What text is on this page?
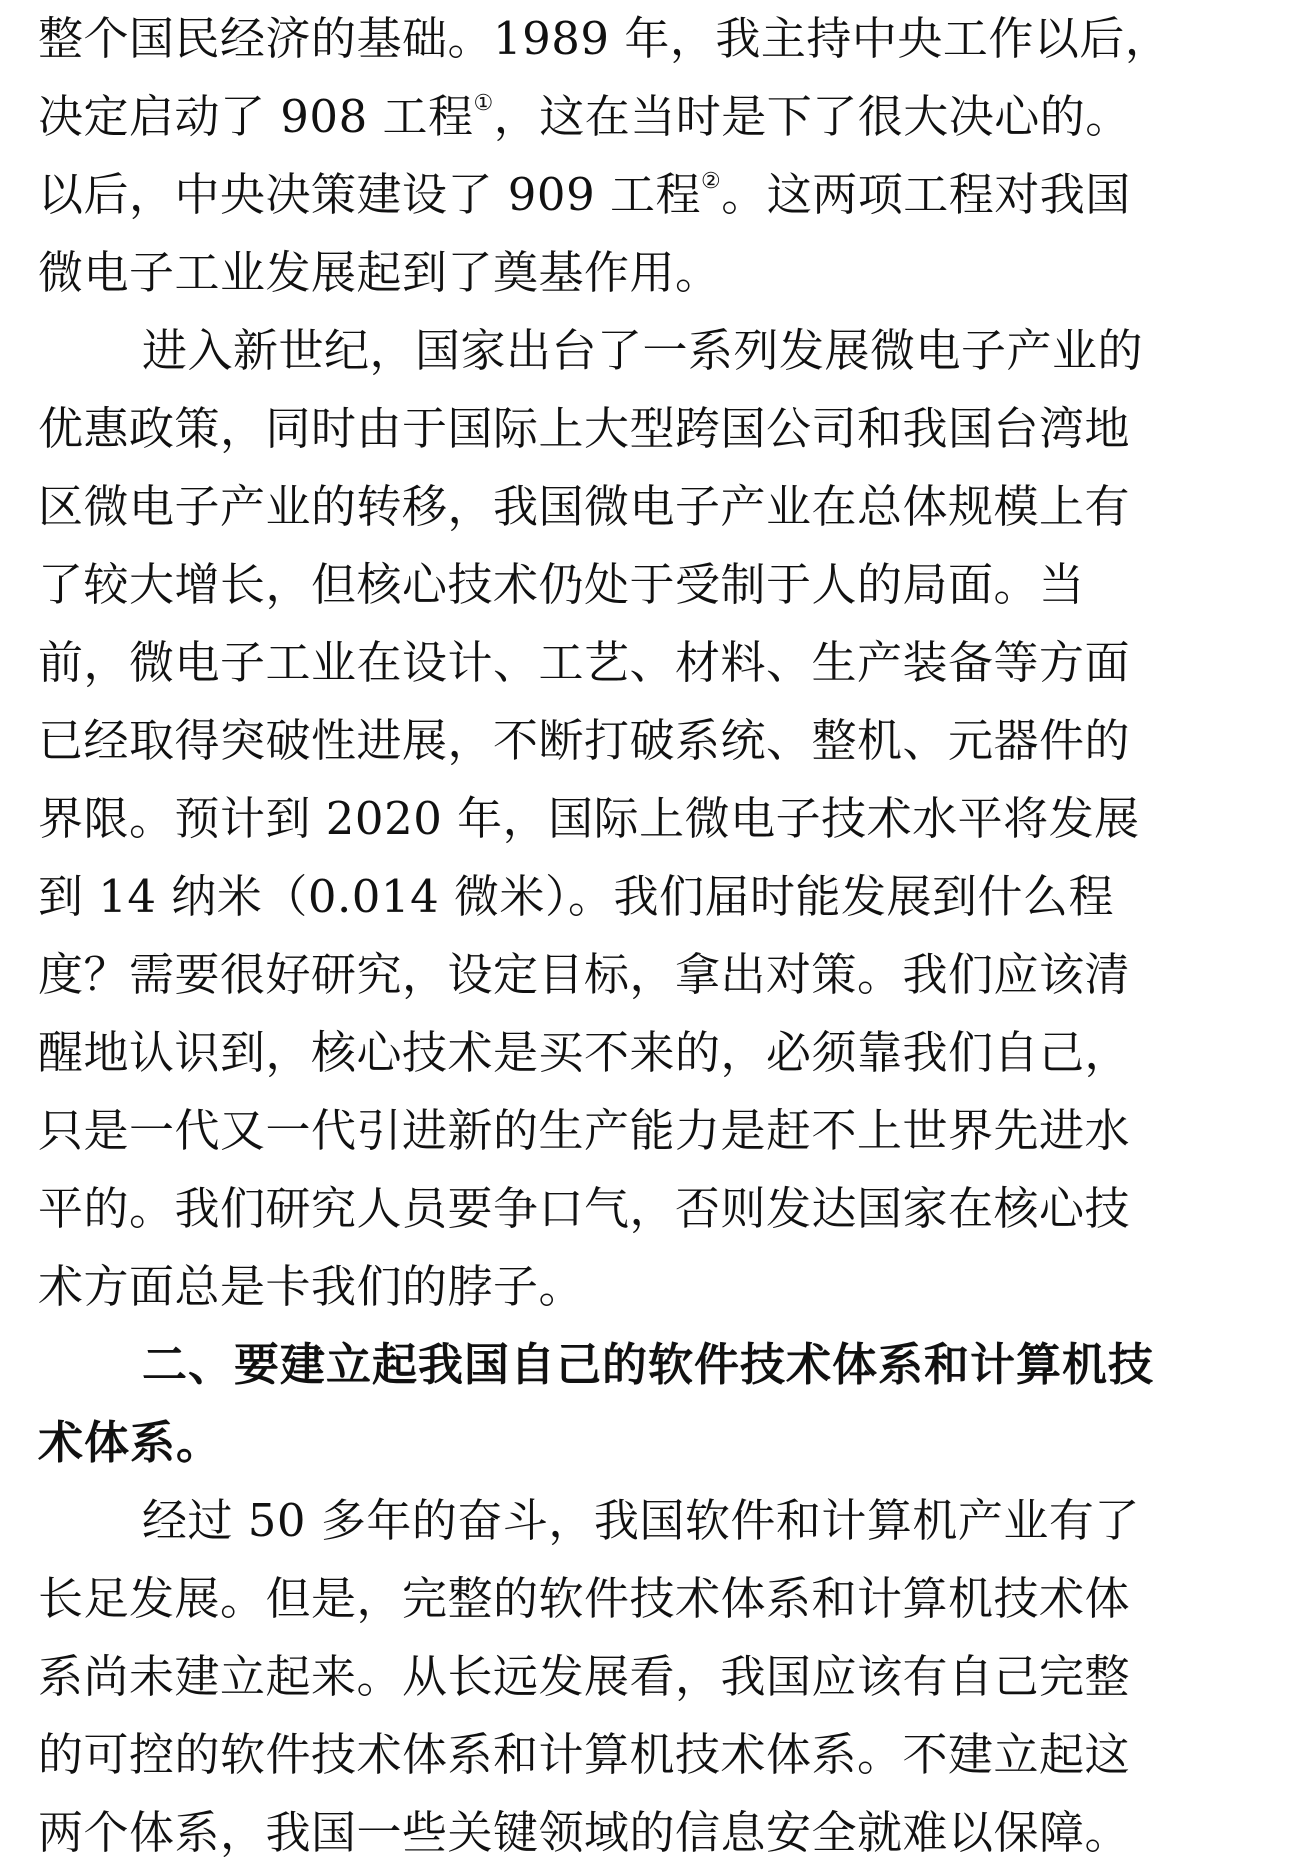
整个国民经济的基础。1989 年，我主持中央工作以后，
决定启动了 908 工程①，这在当时是下了很大决心的。
以后，中央决策建设了 909 工程②。这两项工程对我国
微电子工业发展起到了奠基作用。
进入新世纪，国家出台了一系列发展微电子产业的
优惠政策，同时由于国际上大型跨国公司和我国台湾地
区微电子产业的转移，我国微电子产业在总体规模上有
了较大增长，但核心技术仍处于受制于人的局面。当
前，微电子工业在设计、工艺、材料、生产装备等方面
已经取得突破性进展，不断打破系统、整机、元器件的
界限。预计到 2020 年，国际上微电子技术水平将发展
到 14 纳米（0.014 微米）。我们届时能发展到什么程
度？需要很好研究，设定目标，拿出对策。我们应该清
醒地认识到，核心技术是买不来的，必须靠我们自己，
只是一代又一代引进新的生产能力是赶不上世界先进水
平的。我们研究人员要争口气，否则发达国家在核心技
术方面总是卡我们的脖子。
二、要建立起我国自己的软件技术体系和计算机技
术体系。
经过 50 多年的奋斗，我国软件和计算机产业有了
长足发展。但是，完整的软件技术体系和计算机技术体
系尚未建立起来。从长远发展看，我国应该有自己完整
的可控的软件技术体系和计算机技术体系。不建立起这
两个体系，我国一些关键领域的信息安全就难以保障。
